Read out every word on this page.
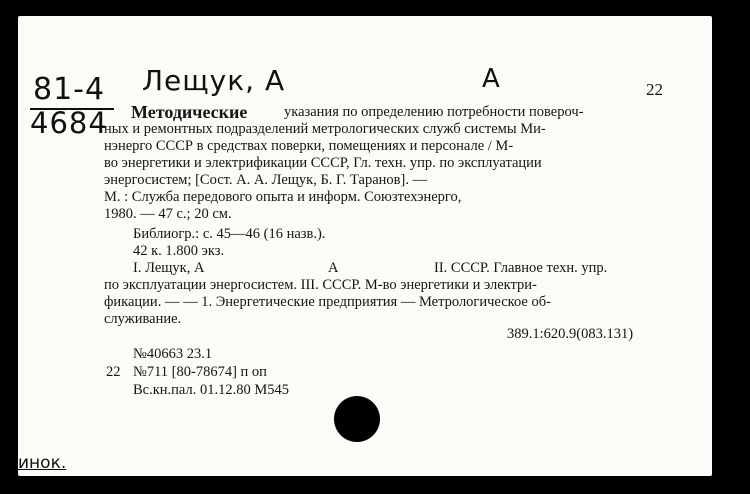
81-4
4684
Лещук, А	А	22
Методические	указания по определению потребности повероч-
ных и ремонтных подразделений метрологических служб системы Ми-
нэнерго СССР в средствах поверки, помещениях и персонале / М-
во энергетики и электрификации СССР, Гл. техн. упр. по эксплуатации
энергосистем; [Сост. А. А. Лещук, Б. Г. Таранов]. —
М. : Служба передового опыта и информ. Союзтехэнерго,
1980. — 47 с.; 20 см.
Библиогр.: с. 45—46 (16 назв.).
42 к. 1.800 экз.
I. Лещук, А	А	II. СССР. Главное техн. упр.
по эксплуатации энергосистем. III. СССР. М-во энергетики и электри-
фикации. — — 1. Энергетические предприятия — Метрологическое об-
служивание.
389.1:620.9(083.131)
№40663 23.1
22 №711 [80-78674] п оп
Вс.кн.пал. 01.12.80 М545
инок.
